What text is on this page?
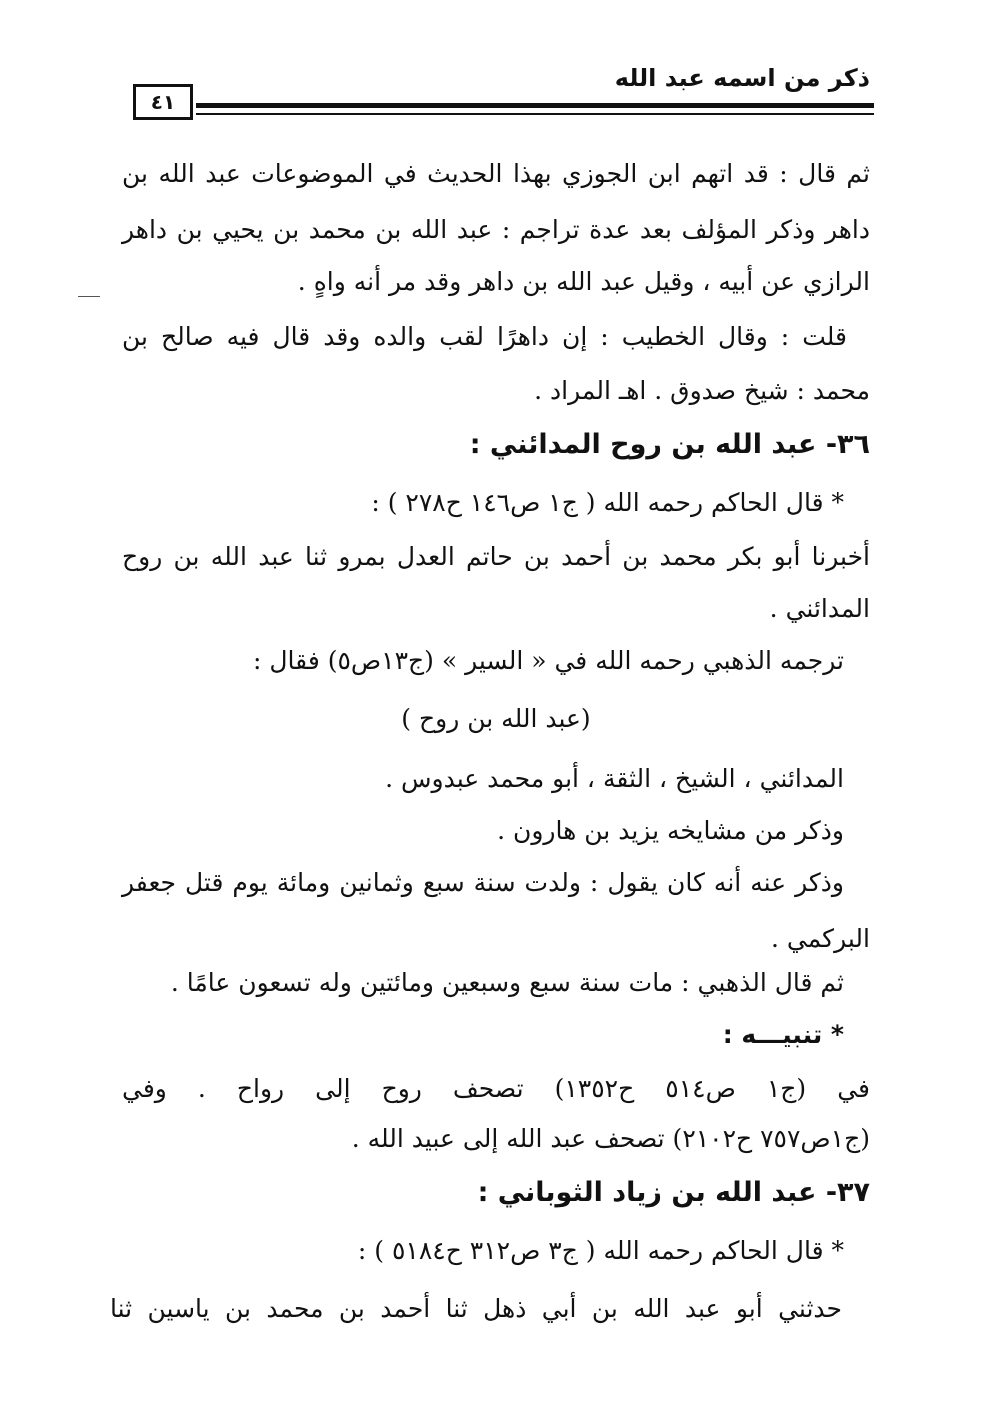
٤١
ذكر من اسمه عبد الله
ثم قال : قد اتهم ابن الجوزي بهذا الحديث في الموضوعات عبد الله بن
داهر وذكر المؤلف بعد عدة تراجم : عبد الله بن محمد بن يحيي بن داهر
الرازي عن أبيه ، وقيل عبد الله بن داهر وقد مر أنه واهٍ .
قلت : وقال الخطيب : إن داهرًا لقب والده وقد قال فيه صالح بن
محمد : شيخ صدوق . اهـ المراد .
٣٦- عبد الله بن روح المدائني :
* قال الحاكم رحمه الله ( ج١ ص١٤٦ ح٢٧٨ ) :
أخبرنا أبو بكر محمد بن أحمد بن حاتم العدل بمرو ثنا عبد الله بن روح
المدائني .
ترجمه الذهبي رحمه الله في « السير » (ج١٣ص٥) فقال :
(عبد الله بن روح )
المدائني ، الشيخ ، الثقة ، أبو محمد عبدوس .
وذكر من مشايخه يزيد بن هارون .
وذكر عنه أنه كان يقول : ولدت سنة سبع وثمانين ومائة يوم قتل جعفر
البركمي .
ثم قال الذهبي : مات سنة سبع وسبعين ومائتين وله تسعون عامًا .
* تنبيـــه :
في (ج١ ص٥١٤ ح١٣٥٢) تصحف روح إلى رواح . وفي
(ج١ص٧٥٧ ح٢١٠٢) تصحف عبد الله إلى عبيد الله .
٣٧- عبد الله بن زياد الثوباني :
* قال الحاكم رحمه الله ( ج٣ ص٣١٢ ح٥١٨٤ ) :
حدثني أبو عبد الله بن أبي ذهل ثنا أحمد بن محمد بن ياسين ثنا
